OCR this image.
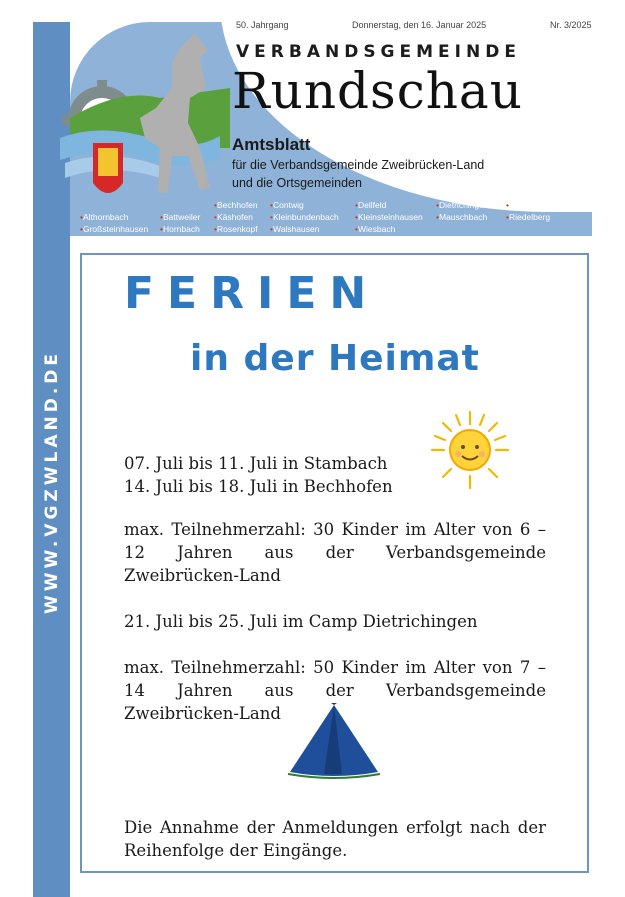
WWW.VGZWLAND.DE
50. Jahrgang	Donnerstag, den 16. Januar 2025	Nr. 3/2025
VERBANDSGEMEINDE
Rundschau
Amtsblatt
für die Verbandsgemeinde Zweibrücken-Land
und die Ortsgemeinden
• Althornbach
• Großsteinhausen
• Battweiler
• Hornbach
• Bechhofen
• Käshofen
• Rosenkopf
• Contwig
• Kleinbundenbach
• Walshausen
• Dellfeld
• Kleinsteinhausen
• Wiesbach
• Dietrichingen
• Mauschbach
• Großbundenbach
• Riedelberg
FERIEN
in der Heimat
07. Juli bis 11. Juli in Stambach
14. Juli bis 18. Juli in Bechhofen
max. Teilnehmerzahl: 30 Kinder im Alter von 6 – 12 Jahren aus der Verbandsgemeinde Zweibrücken-Land
21. Juli bis 25. Juli im Camp Dietrichingen
max. Teilnehmerzahl: 50 Kinder im Alter von 7 – 14 Jahren aus der Verbandsgemeinde Zweibrücken-Land
Die Annahme der Anmeldungen erfolgt nach der Reihenfolge der Eingänge.
